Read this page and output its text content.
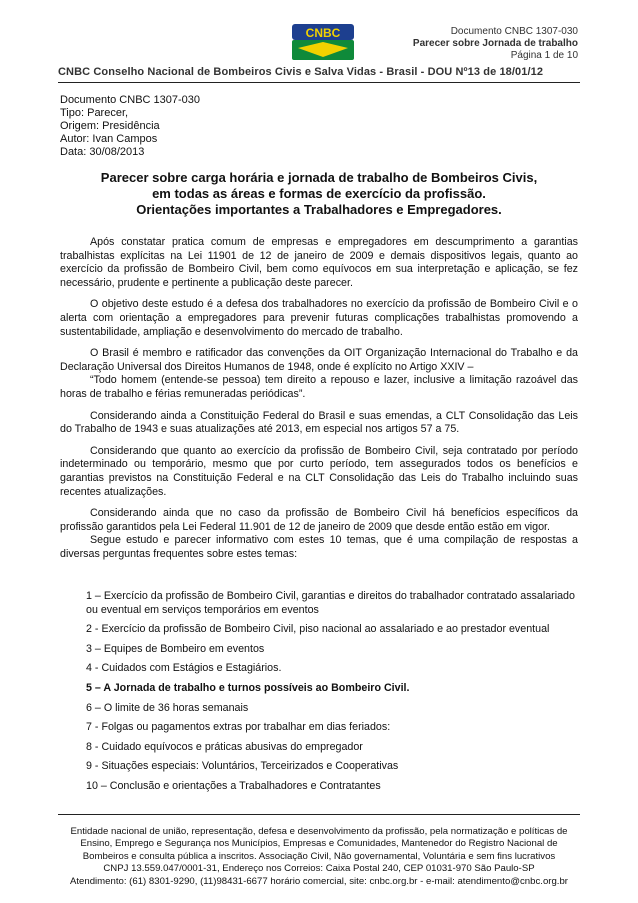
CNBC	Documento CNBC 1307-030
Parecer sobre Jornada de trabalho
Página 1 de 10
CNBC Conselho Nacional de Bombeiros Civis e Salva Vidas - Brasil - DOU Nº13 de 18/01/12
Documento CNBC 1307-030
Tipo: Parecer,
Origem: Presidência
Autor: Ivan Campos
Data: 30/08/2013
Parecer sobre carga horária e jornada de trabalho de Bombeiros Civis,
em todas as áreas e formas de exercício da profissão.
Orientações importantes a Trabalhadores e Empregadores.

Após constatar pratica comum de empresas e empregadores em descumprimento a garantias trabalhistas explícitas na Lei 11901 de 12 de janeiro de 2009 e demais dispositivos legais, quanto ao exercício da profissão de Bombeiro Civil, bem como equívocos em sua interpretação e aplicação, se fez necessário, prudente e pertinente a publicação deste parecer.

O objetivo deste estudo é a defesa dos trabalhadores no exercício da profissão de Bombeiro Civil e o alerta com orientação a empregadores para prevenir futuras complicações trabalhistas promovendo a sustentabilidade, ampliação e desenvolvimento do mercado de trabalho.

O Brasil é membro e ratificador das convenções da OIT Organização Internacional do Trabalho e da Declaração Universal dos Direitos Humanos de 1948, onde é explícito no Artigo XXIV –

“Todo homem (entende-se pessoa) tem direito a repouso e lazer, inclusive a limitação razoável das horas de trabalho e férias remuneradas periódicas”.

Considerando ainda a Constituição Federal do Brasil e suas emendas, a CLT Consolidação das Leis do Trabalho de 1943 e suas atualizações até 2013, em especial nos artigos 57 a 75.

Considerando que quanto ao exercício da profissão de Bombeiro Civil, seja contratado por período indeterminado ou temporário, mesmo que por curto período, tem assegurados todos os benefícios e garantias previstos na Constituição Federal e na CLT Consolidação das Leis do Trabalho incluindo suas recentes atualizações.

Considerando ainda que no caso da profissão de Bombeiro Civil há benefícios específicos da profissão garantidos pela Lei Federal 11.901 de 12 de janeiro de 2009 que desde então estão em vigor.

Segue estudo e parecer informativo com estes 10 temas, que é uma compilação de respostas a diversas perguntas frequentes sobre estes temas:

1 – Exercício da profissão de Bombeiro Civil, garantias e direitos do trabalhador contratado assalariado ou eventual em serviços temporários em eventos
2 - Exercício da profissão de Bombeiro Civil, piso nacional ao assalariado e ao prestador eventual
3 – Equipes de Bombeiro em eventos
4 - Cuidados com Estágios e Estagiários.
5 – A Jornada de trabalho e turnos possíveis ao Bombeiro Civil.
6 – O limite de 36 horas semanais
7 - Folgas ou pagamentos extras por trabalhar em dias feriados:
8 - Cuidado equívocos e práticas abusivas do empregador
9 - Situações especiais: Voluntários, Terceirizados e Cooperativas
10 – Conclusão e orientações a Trabalhadores e Contratantes
Entidade nacional de união, representação, defesa e desenvolvimento da profissão, pela normatização e políticas de
Ensino, Emprego e Segurança nos Municípios, Empresas e Comunidades, Mantenedor do Registro Nacional de
Bombeiros e consulta pública a inscritos. Associação Civil, Não governamental, Voluntária e sem fins lucrativos
CNPJ 13.559.047/0001-31, Endereço nos Correios: Caixa Postal 240, CEP 01031-970 São Paulo-SP
Atendimento: (61) 8301-9290, (11)98431-6677 horário comercial, site: cnbc.org.br - e-mail: atendimento@cnbc.org.br
